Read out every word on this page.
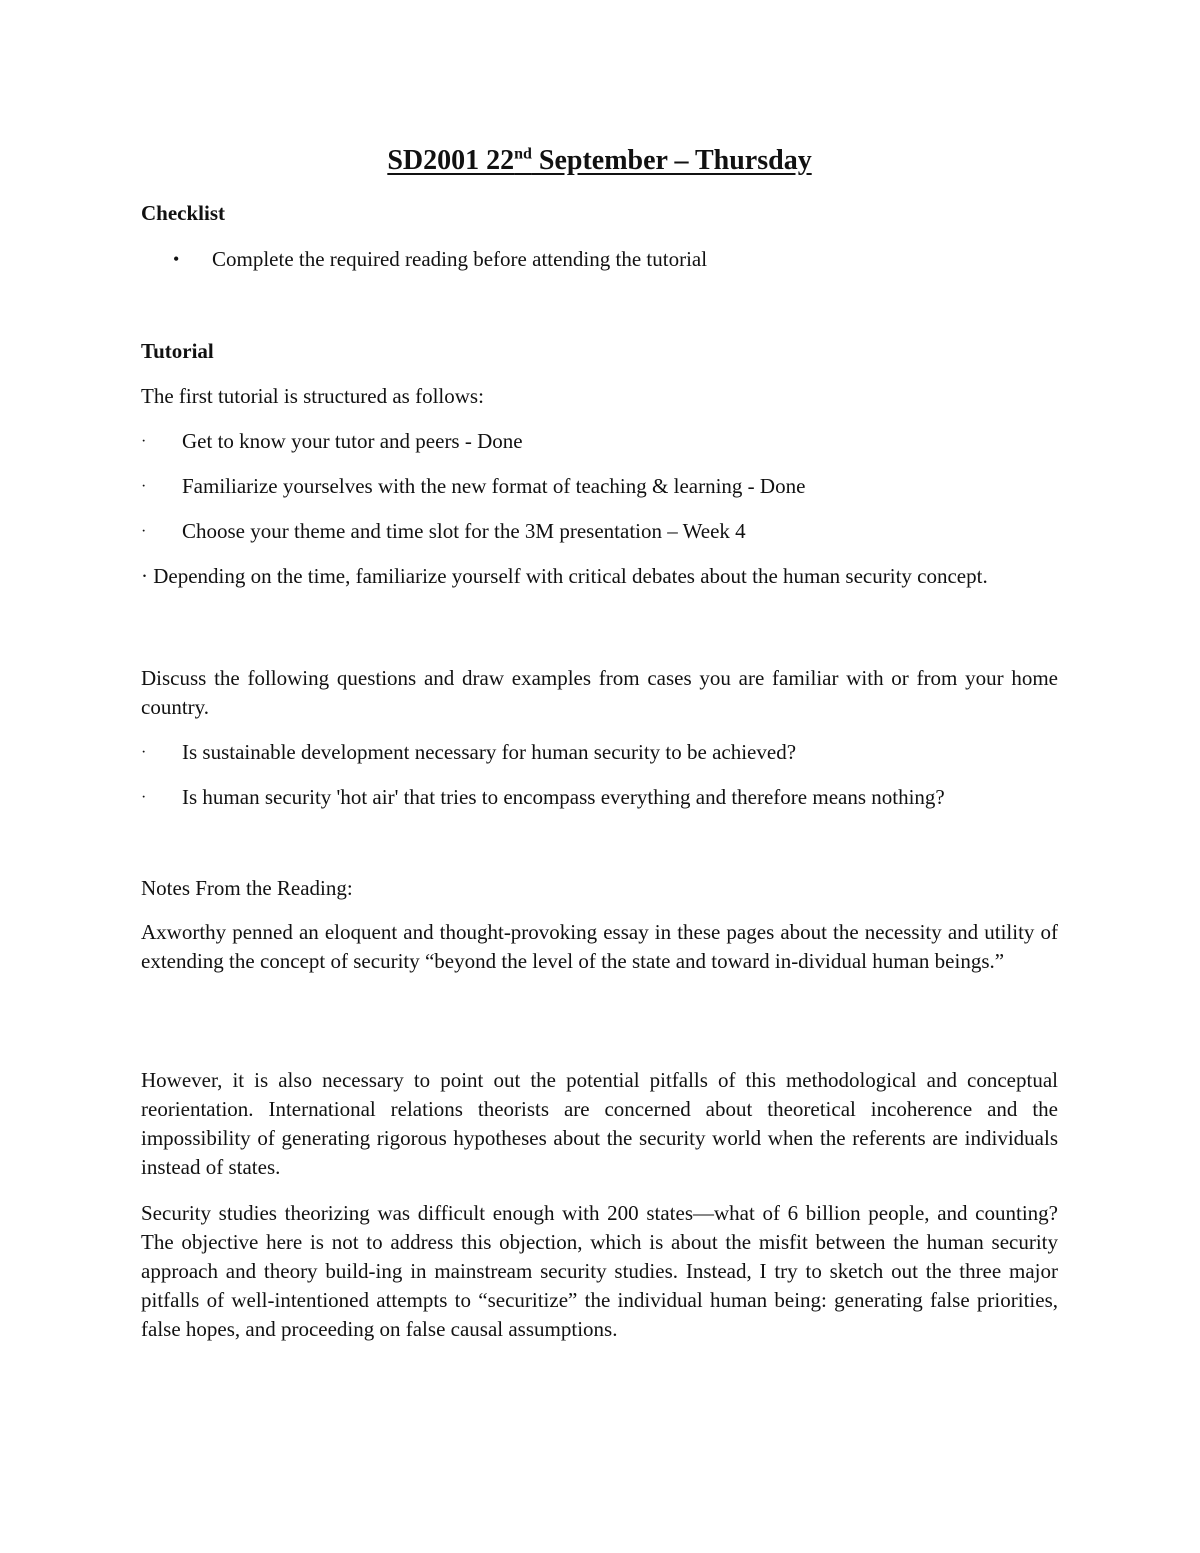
SD2001 22nd September – Thursday
Checklist
• Complete the required reading before attending the tutorial

Tutorial

The first tutorial is structured as follows:

· Get to know your tutor and peers - Done

· Familiarize yourselves with the new format of teaching & learning - Done

· Choose your theme and time slot for the 3M presentation – Week 4

· Depending on the time, familiarize yourself with critical debates about the human security concept.

Discuss the following questions and draw examples from cases you are familiar with or from your home country.

· Is sustainable development necessary for human security to be achieved?

· Is human security 'hot air' that tries to encompass everything and therefore means nothing?

Notes From the Reading:

Axworthy penned an eloquent and thought-provoking essay in these pages about the necessity and utility of extending the concept of security “beyond the level of the state and toward in-dividual human beings.”

However, it is also necessary to point out the potential pitfalls of this methodological and conceptual reorientation. International relations theorists are concerned about theoretical incoherence and the impossibility of generating rigorous hypotheses about the security world when the referents are individuals instead of states.

Security studies theorizing was difficult enough with 200 states—what of 6 billion people, and counting? The objective here is not to address this objection, which is about the misfit between the human security approach and theory build-ing in mainstream security studies. Instead, I try to sketch out the three major pitfalls of well-intentioned attempts to “securitize” the individual human being: generating false priorities, false hopes, and proceeding on false causal assumptions.
